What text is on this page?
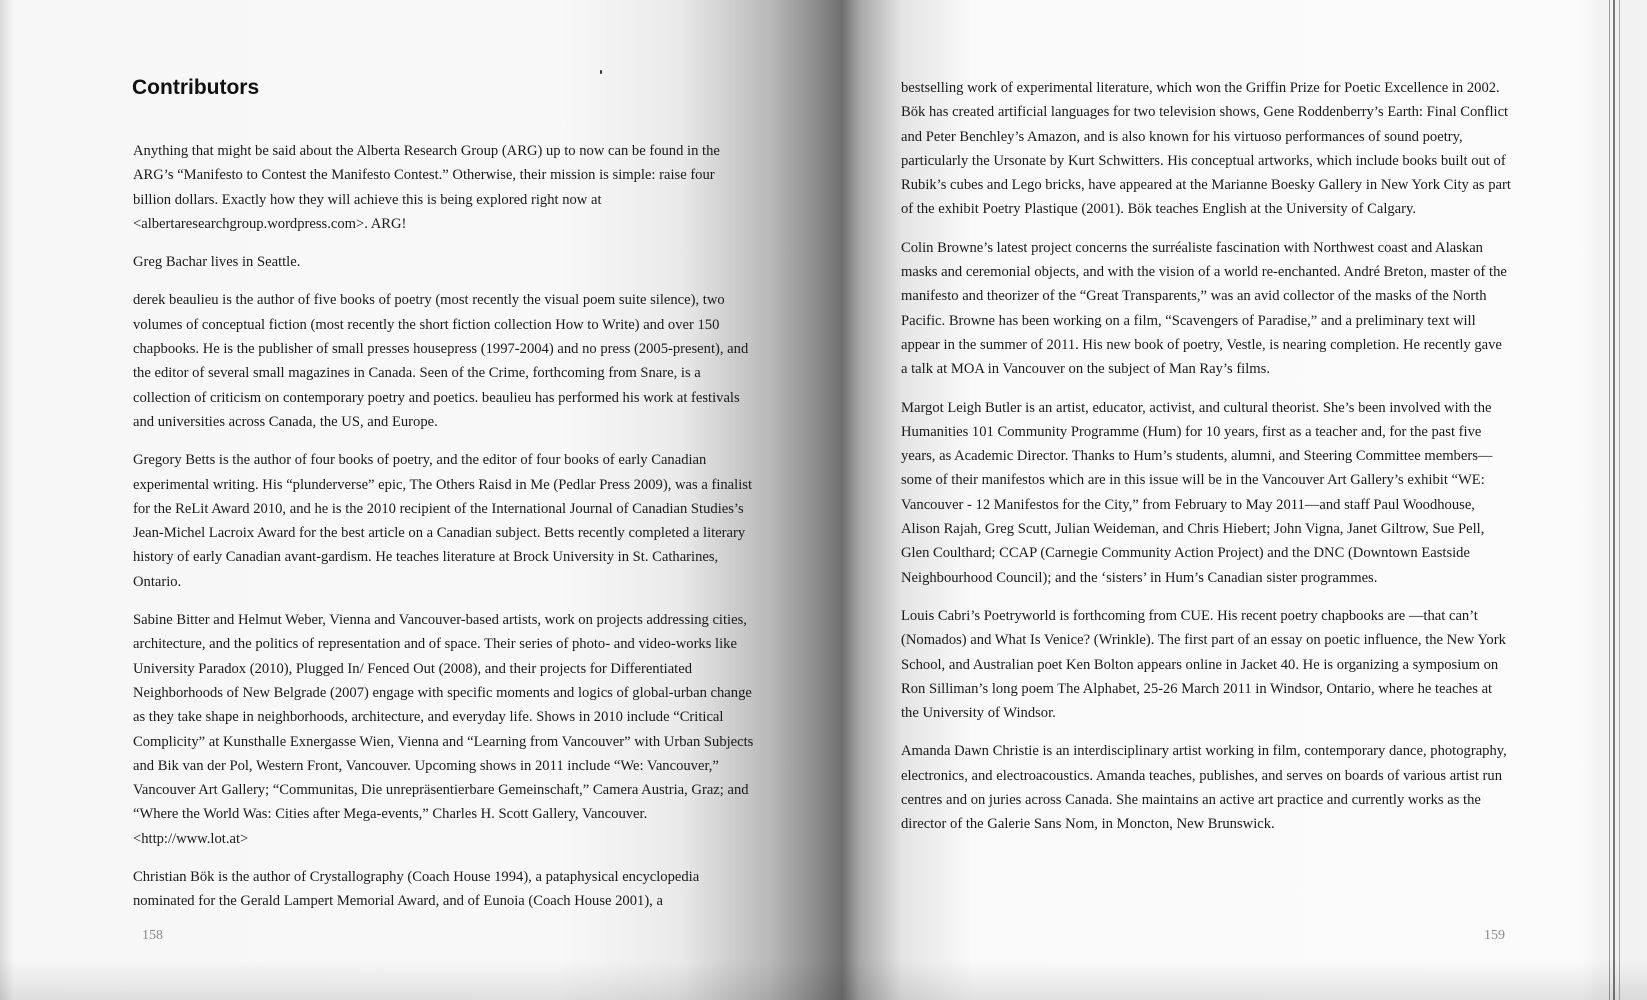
Contributors

Anything that might be said about the Alberta Research Group (ARG) up to now can be found in the ARG’s “Manifesto to Contest the Manifesto Contest.” Otherwise, their mission is simple: raise four billion dollars. Exactly how they will achieve this is being explored right now at <albertaresearchgroup.wordpress.com>. ARG!

Greg Bachar lives in Seattle.

derek beaulieu is the author of five books of poetry (most recently the visual poem suite silence), two volumes of conceptual fiction (most recently the short fiction collection How to Write) and over 150 chapbooks. He is the publisher of small presses housepress (1997-2004) and no press (2005-present), and the editor of several small magazines in Canada. Seen of the Crime, forthcoming from Snare, is a collection of criticism on contemporary poetry and poetics. beaulieu has performed his work at festivals and universities across Canada, the US, and Europe.

Gregory Betts is the author of four books of poetry, and the editor of four books of early Canadian experimental writing. His “plunderverse” epic, The Others Raisd in Me (Pedlar Press 2009), was a finalist for the ReLit Award 2010, and he is the 2010 recipient of the International Journal of Canadian Studies’s Jean-Michel Lacroix Award for the best article on a Canadian subject. Betts recently completed a literary history of early Canadian avant-gardism. He teaches literature at Brock University in St. Catharines, Ontario.

Sabine Bitter and Helmut Weber, Vienna and Vancouver-based artists, work on projects addressing cities, architecture, and the politics of representation and of space. Their series of photo- and video-works like University Paradox (2010), Plugged In/ Fenced Out (2008), and their projects for Differentiated Neighborhoods of New Belgrade (2007) engage with specific moments and logics of global-urban change as they take shape in neighborhoods, architecture, and everyday life. Shows in 2010 include “Critical Complicity” at Kunsthalle Exnergasse Wien, Vienna and “Learning from Vancouver” with Urban Subjects and Bik van der Pol, Western Front, Vancouver. Upcoming shows in 2011 include “We: Vancouver,” Vancouver Art Gallery; “Communitas, Die unrepräsentierbare Gemeinschaft,” Camera Austria, Graz; and “Where the World Was: Cities after Mega-events,” Charles H. Scott Gallery, Vancouver. <http://www.lot.at>

Christian Bök is the author of Crystallography (Coach House 1994), a pataphysical encyclopedia nominated for the Gerald Lampert Memorial Award, and of Eunoia (Coach House 2001), a

158

bestselling work of experimental literature, which won the Griffin Prize for Poetic Excellence in 2002. Bök has created artificial languages for two television shows, Gene Roddenberry’s Earth: Final Conflict and Peter Benchley’s Amazon, and is also known for his virtuoso performances of sound poetry, particularly the Ursonate by Kurt Schwitters. His conceptual artworks, which include books built out of Rubik’s cubes and Lego bricks, have appeared at the Marianne Boesky Gallery in New York City as part of the exhibit Poetry Plastique (2001). Bök teaches English at the University of Calgary.

Colin Browne’s latest project concerns the surréaliste fascination with Northwest coast and Alaskan masks and ceremonial objects, and with the vision of a world re-enchanted. André Breton, master of the manifesto and theorizer of the “Great Transparents,” was an avid collector of the masks of the North Pacific. Browne has been working on a film, “Scavengers of Paradise,” and a preliminary text will appear in the summer of 2011. His new book of poetry, Vestle, is nearing completion. He recently gave a talk at MOA in Vancouver on the subject of Man Ray’s films.

Margot Leigh Butler is an artist, educator, activist, and cultural theorist. She’s been involved with the Humanities 101 Community Programme (Hum) for 10 years, first as a teacher and, for the past five years, as Academic Director. Thanks to Hum’s students, alumni, and Steering Committee members—some of their manifestos which are in this issue will be in the Vancouver Art Gallery’s exhibit “WE: Vancouver - 12 Manifestos for the City,” from February to May 2011—and staff Paul Woodhouse, Alison Rajah, Greg Scutt, Julian Weideman, and Chris Hiebert; John Vigna, Janet Giltrow, Sue Pell, Glen Coulthard; CCAP (Carnegie Community Action Project) and the DNC (Downtown Eastside Neighbourhood Council); and the ‘sisters’ in Hum’s Canadian sister programmes.

Louis Cabri’s Poetryworld is forthcoming from CUE. His recent poetry chapbooks are —that can’t (Nomados) and What Is Venice? (Wrinkle). The first part of an essay on poetic influence, the New York School, and Australian poet Ken Bolton appears online in Jacket 40. He is organizing a symposium on Ron Silliman’s long poem The Alphabet, 25-26 March 2011 in Windsor, Ontario, where he teaches at the University of Windsor.

Amanda Dawn Christie is an interdisciplinary artist working in film, contemporary dance, photography, electronics, and electroacoustics. Amanda teaches, publishes, and serves on boards of various artist run centres and on juries across Canada. She maintains an active art practice and currently works as the director of the Galerie Sans Nom, in Moncton, New Brunswick.

159
